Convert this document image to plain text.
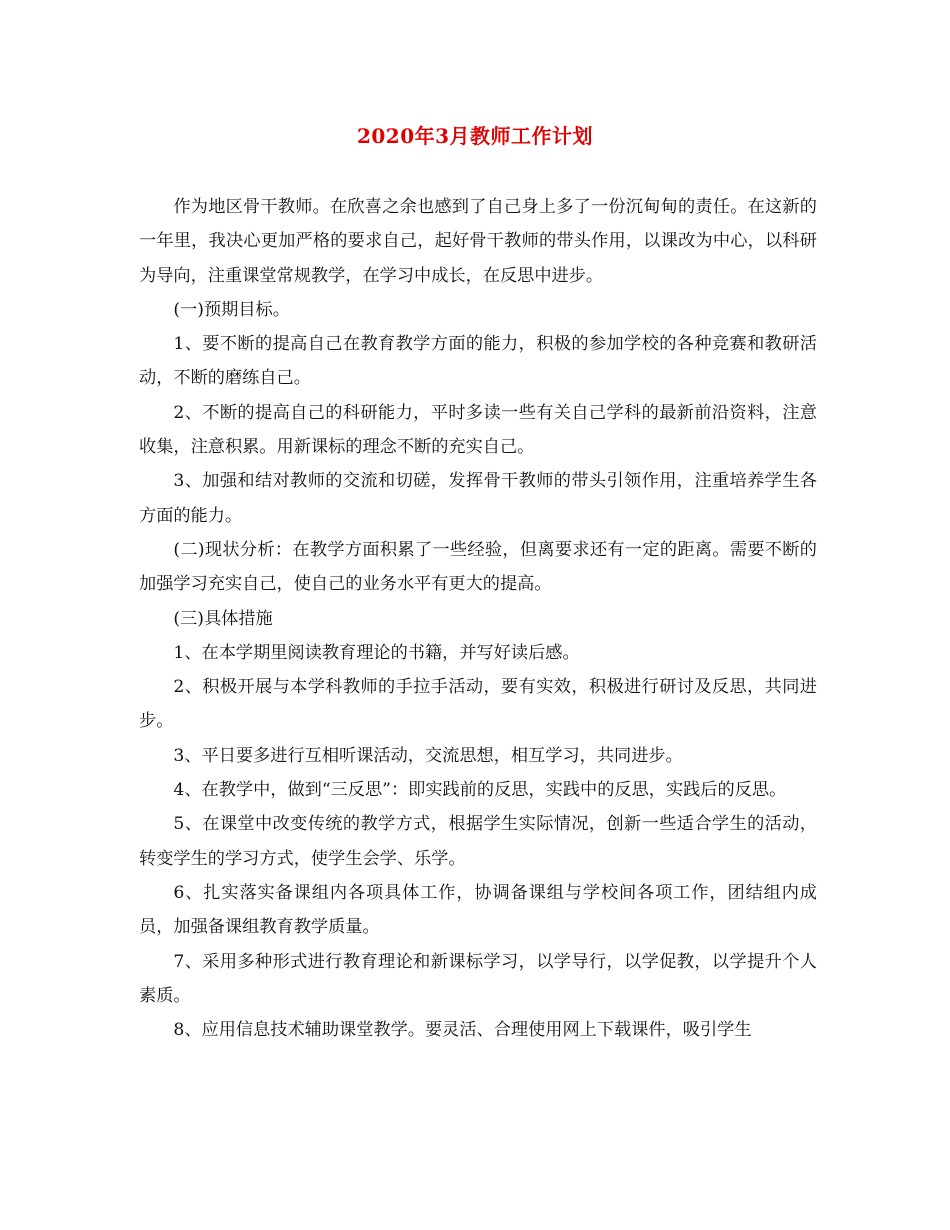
2020年3月教师工作计划

作为地区骨干教师。在欣喜之余也感到了自己身上多了一份沉甸甸的责任。在这新的一年里，我决心更加严格的要求自己，起好骨干教师的带头作用，以课改为中心，以科研为导向，注重课堂常规教学，在学习中成长，在反思中进步。

(一)预期目标。

1、要不断的提高自己在教育教学方面的能力，积极的参加学校的各种竞赛和教研活动，不断的磨练自己。

2、不断的提高自己的科研能力，平时多读一些有关自己学科的最新前沿资料，注意收集，注意积累。用新课标的理念不断的充实自己。

3、加强和结对教师的交流和切磋，发挥骨干教师的带头引领作用，注重培养学生各方面的能力。

(二)现状分析：在教学方面积累了一些经验，但离要求还有一定的距离。需要不断的加强学习充实自己，使自己的业务水平有更大的提高。

(三)具体措施

1、在本学期里阅读教育理论的书籍，并写好读后感。

2、积极开展与本学科教师的手拉手活动，要有实效，积极进行研讨及反思，共同进步。

3、平日要多进行互相听课活动，交流思想，相互学习，共同进步。

4、在教学中，做到“三反思”：即实践前的反思，实践中的反思，实践后的反思。

5、在课堂中改变传统的教学方式，根据学生实际情况，创新一些适合学生的活动，转变学生的学习方式，使学生会学、乐学。

6、扎实落实备课组内各项具体工作，协调备课组与学校间各项工作，团结组内成员，加强备课组教育教学质量。

7、采用多种形式进行教育理论和新课标学习，以学导行，以学促教，以学提升个人素质。

8、应用信息技术辅助课堂教学。要灵活、合理使用网上下载课件，吸引学生
